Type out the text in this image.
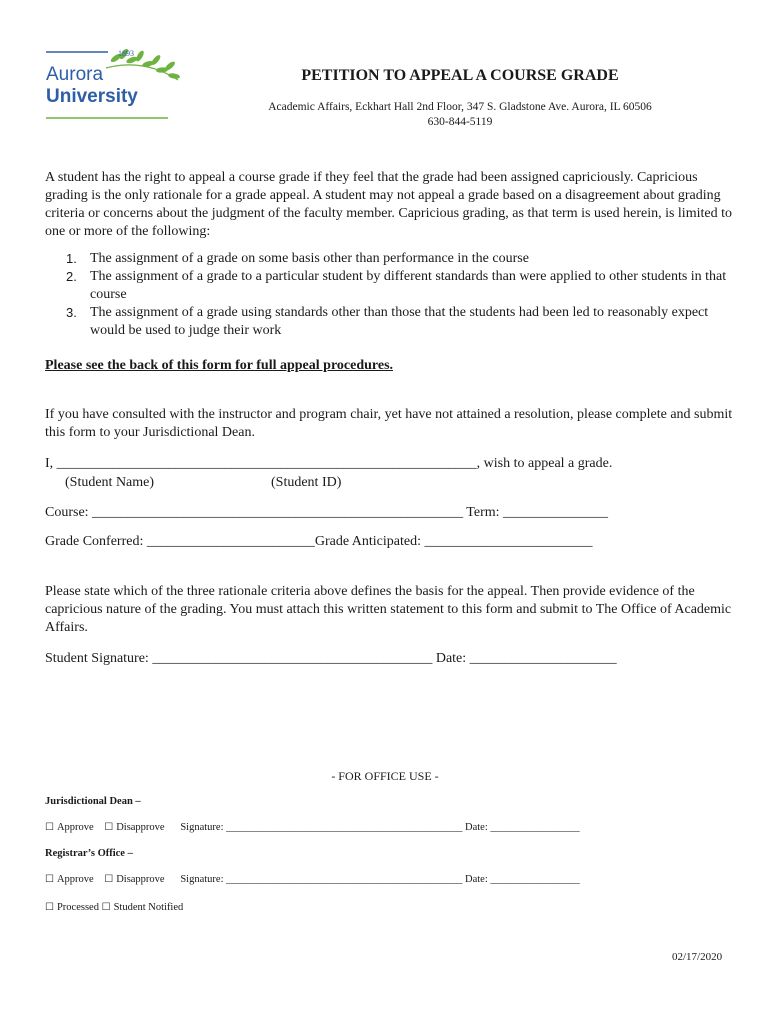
1893
Aurora
University
PETITION TO APPEAL A COURSE GRADE
Academic Affairs, Eckhart Hall 2nd Floor, 347 S. Gladstone Ave. Aurora, IL 60506
630-844-5119
A student has the right to appeal a course grade if they feel that the grade had been assigned capriciously. Capricious grading is the only rationale for a grade appeal. A student may not appeal a grade based on a disagreement about grading criteria or concerns about the judgment of the faculty member. Capricious grading, as that term is used herein, is limited to one or more of the following:
1. The assignment of a grade on some basis other than performance in the course
2. The assignment of a grade to a particular student by different standards than were applied to other students in that course
3. The assignment of a grade using standards other than those that the students had been led to reasonably expect would be used to judge their work
Please see the back of this form for full appeal procedures.
If you have consulted with the instructor and program chair, yet have not attained a resolution, please complete and submit this form to your Jurisdictional Dean.
I, ____________________________________________________________, wish to appeal a grade.
(Student Name)	(Student ID)
Course: _____________________________________________________ Term: _______________
Grade Conferred: ________________________Grade Anticipated: ________________________
Please state which of the three rationale criteria above defines the basis for the appeal. Then provide evidence of the capricious nature of the grading. You must attach this written statement to this form and submit to The Office of Academic Affairs.
Student Signature: ________________________________________ Date: _____________________
- FOR OFFICE USE -
Jurisdictional Dean –
☐ Approve ☐ Disapprove Signature: _____________________________________________ Date: _________________
Registrar’s Office –
☐ Approve ☐ Disapprove Signature: _____________________________________________ Date: _________________
☐ Processed ☐ Student Notified
02/17/2020
